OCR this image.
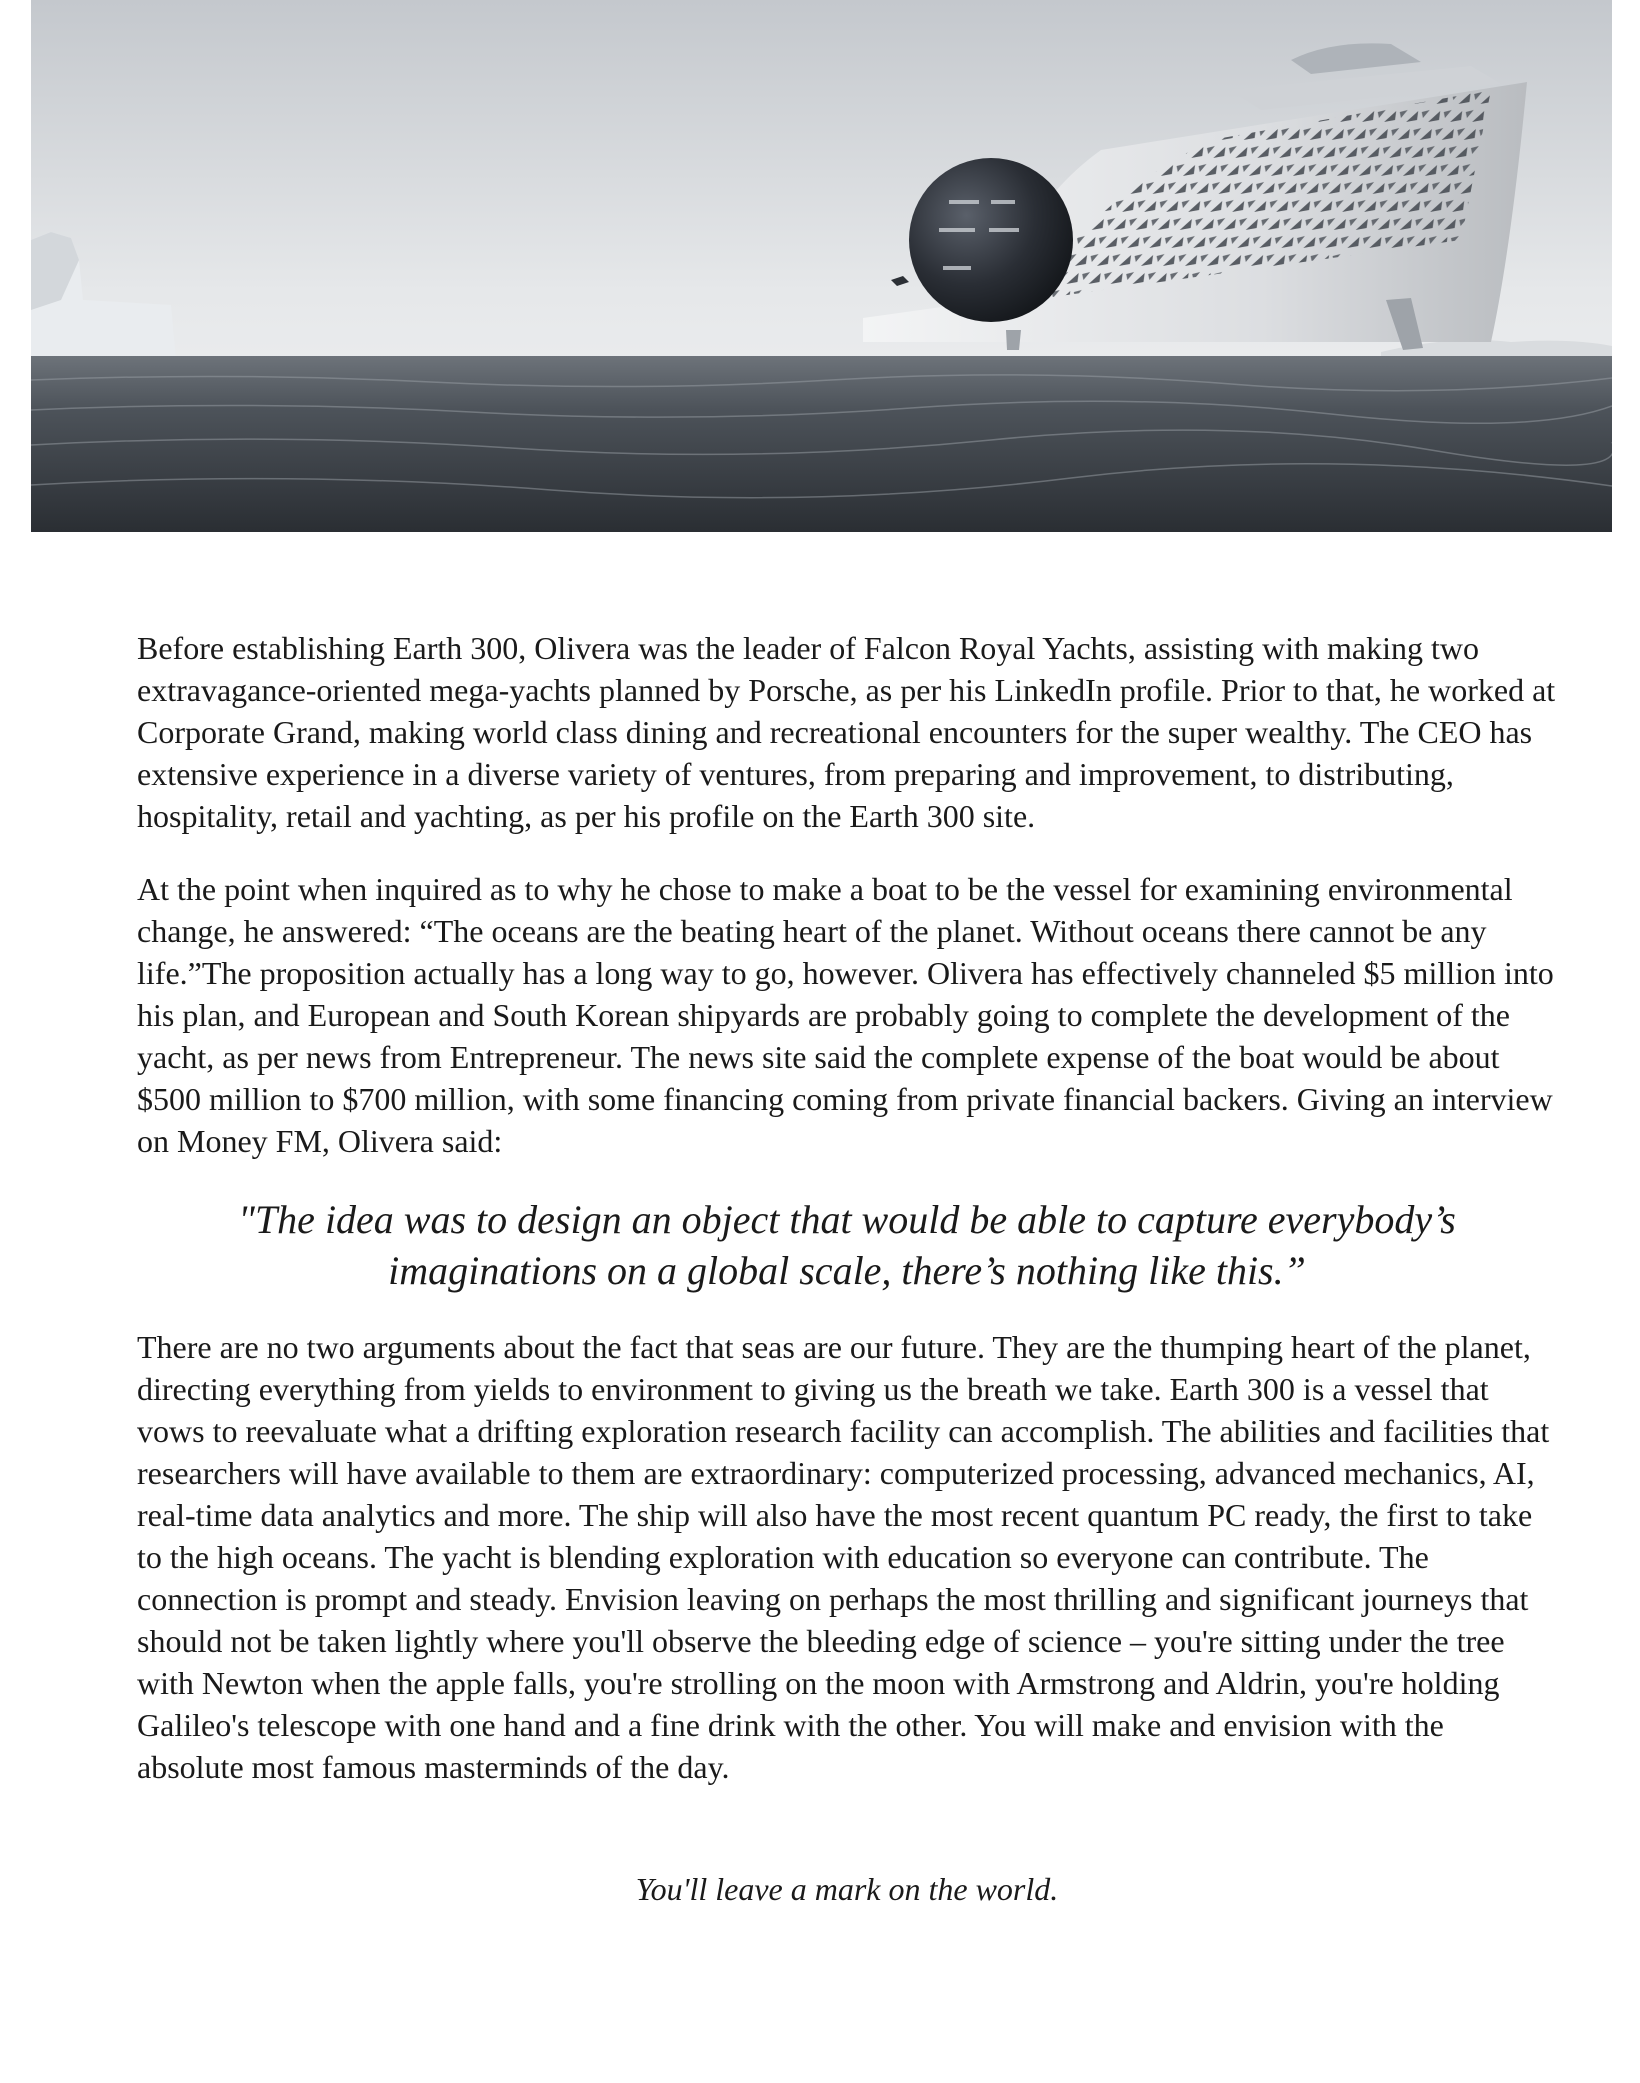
Before establishing Earth 300, Olivera was the leader of Falcon Royal Yachts, assisting with making two extravagance-oriented mega-yachts planned by Porsche, as per his LinkedIn profile. Prior to that, he worked at Corporate Grand, making world class dining and recreational encounters for the super wealthy. The CEO has extensive experience in a diverse variety of ventures, from preparing and improvement, to distributing, hospitality, retail and yachting, as per his profile on the Earth 300 site.

At the point when inquired as to why he chose to make a boat to be the vessel for examining environmental change, he answered: “The oceans are the beating heart of the planet. Without oceans there cannot be any life.”The proposition actually has a long way to go, however. Olivera has effectively channeled $5 million into his plan, and European and South Korean shipyards are probably going to complete the development of the yacht, as per news from Entrepreneur. The news site said the complete expense of the boat would be about $500 million to $700 million, with some financing coming from private financial backers. Giving an interview on Money FM, Olivera said:

"The idea was to design an object that would be able to capture everybody’s
imaginations on a global scale, there’s nothing like this.”

There are no two arguments about the fact that seas are our future. They are the thumping heart of the planet, directing everything from yields to environment to giving us the breath we take. Earth 300 is a vessel that vows to reevaluate what a drifting exploration research facility can accomplish. The abilities and facilities that researchers will have available to them are extraordinary: computerized processing, advanced mechanics, AI, real-time data analytics and more. The ship will also have the most recent quantum PC ready, the first to take to the high oceans. The yacht is blending exploration with education so everyone can contribute. The connection is prompt and steady. Envision leaving on perhaps the most thrilling and significant journeys that should not be taken lightly where you'll observe the bleeding edge of science – you're sitting under the tree with Newton when the apple falls, you're strolling on the moon with Armstrong and Aldrin, you're holding Galileo's telescope with one hand and a fine drink with the other. You will make and envision with the absolute most famous masterminds of the day.

You'll leave a mark on the world.
